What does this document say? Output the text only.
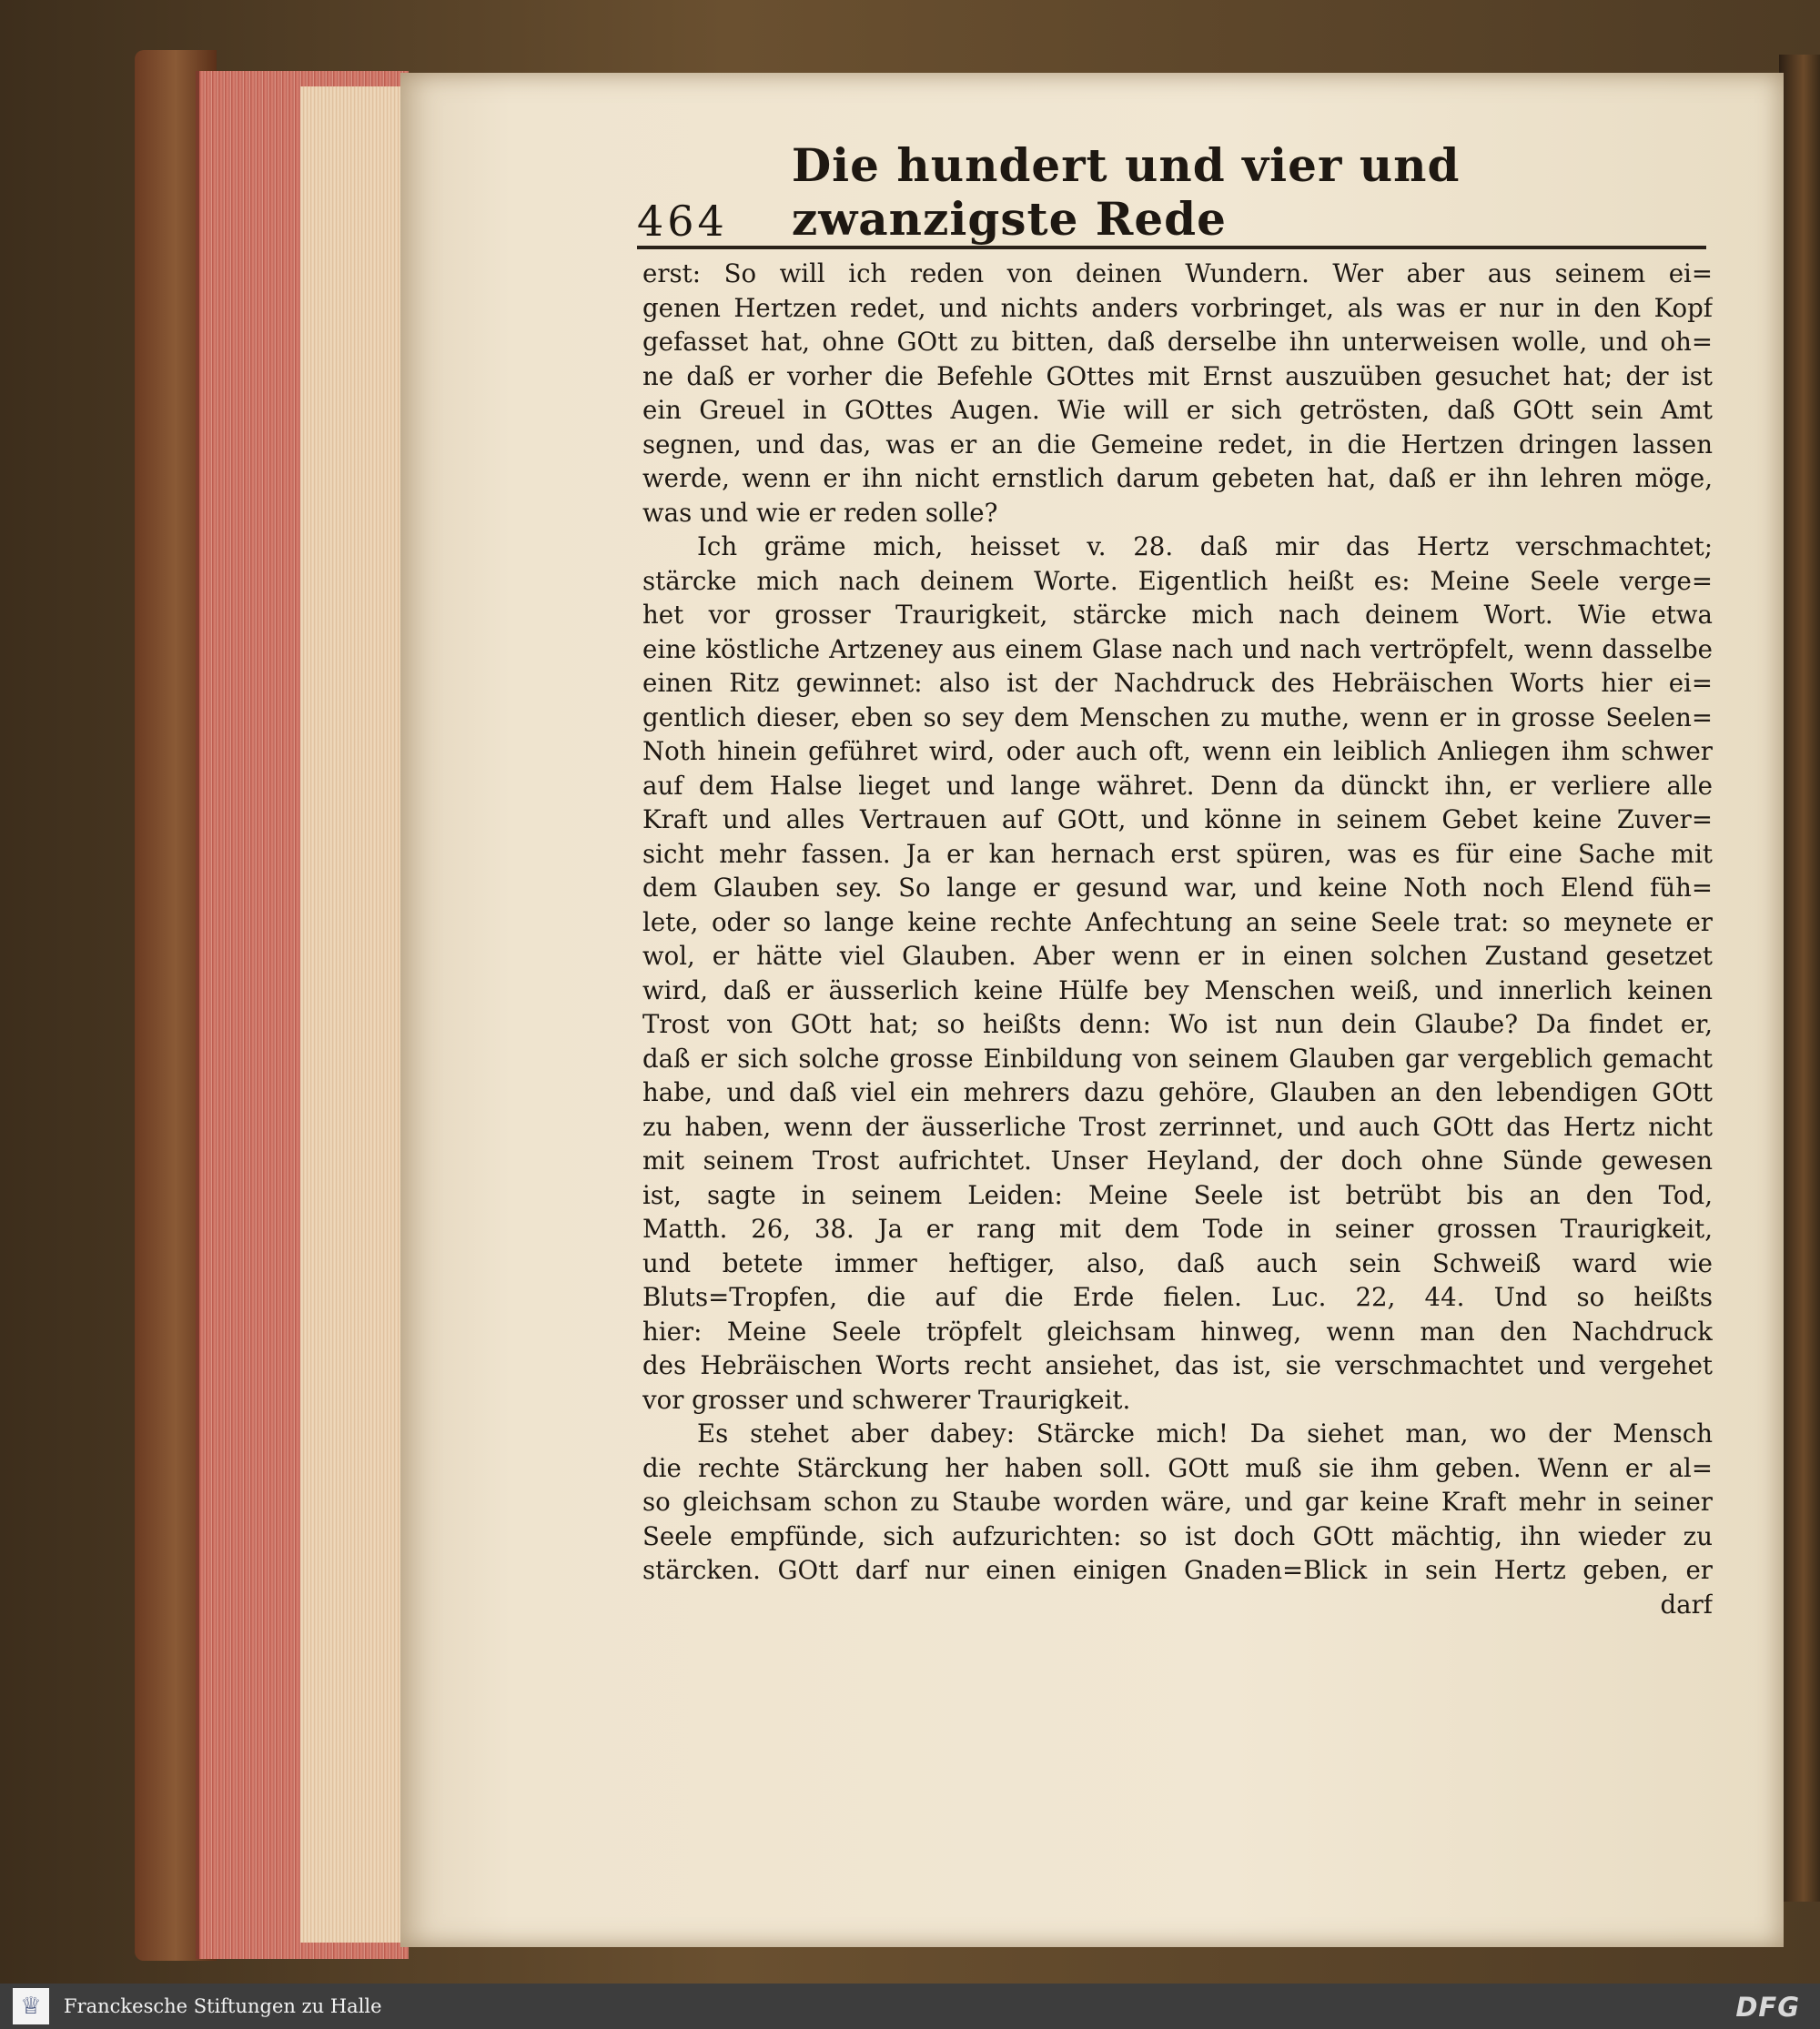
464
Die hundert und vier und zwanzigste Rede
erst: So will ich reden von deinen Wundern. Wer aber aus seinem ei=
genen Hertzen redet, und nichts anders vorbringet, als was er nur in den Kopf
gefasset hat, ohne GOtt zu bitten, daß derselbe ihn unterweisen wolle, und oh=
ne daß er vorher die Befehle GOttes mit Ernst auszuüben gesuchet hat; der ist
ein Greuel in GOttes Augen. Wie will er sich getrösten, daß GOtt sein Amt
segnen, und das, was er an die Gemeine redet, in die Hertzen dringen lassen
werde, wenn er ihn nicht ernstlich darum gebeten hat, daß er ihn lehren möge,
was und wie er reden solle?
Ich gräme mich, heisset v. 28. daß mir das Hertz verschmachtet;
stärcke mich nach deinem Worte. Eigentlich heißt es: Meine Seele verge=
het vor grosser Traurigkeit, stärcke mich nach deinem Wort. Wie etwa
eine köstliche Artzeney aus einem Glase nach und nach vertröpfelt, wenn dasselbe
einen Ritz gewinnet: also ist der Nachdruck des Hebräischen Worts hier ei=
gentlich dieser, eben so sey dem Menschen zu muthe, wenn er in grosse Seelen=
Noth hinein geführet wird, oder auch oft, wenn ein leiblich Anliegen ihm schwer
auf dem Halse lieget und lange währet. Denn da dünckt ihn, er verliere alle
Kraft und alles Vertrauen auf GOtt, und könne in seinem Gebet keine Zuver=
sicht mehr fassen. Ja er kan hernach erst spüren, was es für eine Sache mit
dem Glauben sey. So lange er gesund war, und keine Noth noch Elend füh=
lete, oder so lange keine rechte Anfechtung an seine Seele trat: so meynete er
wol, er hätte viel Glauben. Aber wenn er in einen solchen Zustand gesetzet
wird, daß er äusserlich keine Hülfe bey Menschen weiß, und innerlich keinen
Trost von GOtt hat; so heißts denn: Wo ist nun dein Glaube? Da findet er,
daß er sich solche grosse Einbildung von seinem Glauben gar vergeblich gemacht
habe, und daß viel ein mehrers dazu gehöre, Glauben an den lebendigen GOtt
zu haben, wenn der äusserliche Trost zerrinnet, und auch GOtt das Hertz nicht
mit seinem Trost aufrichtet. Unser Heyland, der doch ohne Sünde gewesen
ist, sagte in seinem Leiden: Meine Seele ist betrübt bis an den Tod,
Matth. 26, 38. Ja er rang mit dem Tode in seiner grossen Traurigkeit,
und betete immer heftiger, also, daß auch sein Schweiß ward wie
Bluts=Tropfen, die auf die Erde fielen. Luc. 22, 44. Und so heißts
hier: Meine Seele tröpfelt gleichsam hinweg, wenn man den Nachdruck
des Hebräischen Worts recht ansiehet, das ist, sie verschmachtet und vergehet
vor grosser und schwerer Traurigkeit.
Es stehet aber dabey: Stärcke mich! Da siehet man, wo der Mensch
die rechte Stärckung her haben soll. GOtt muß sie ihm geben. Wenn er al=
so gleichsam schon zu Staube worden wäre, und gar keine Kraft mehr in seiner
Seele empfünde, sich aufzurichten: so ist doch GOtt mächtig, ihn wieder zu
stärcken. GOtt darf nur einen einigen Gnaden=Blick in sein Hertz geben, er
darf
♕	Franckesche Stiftungen zu Halle	DFG
